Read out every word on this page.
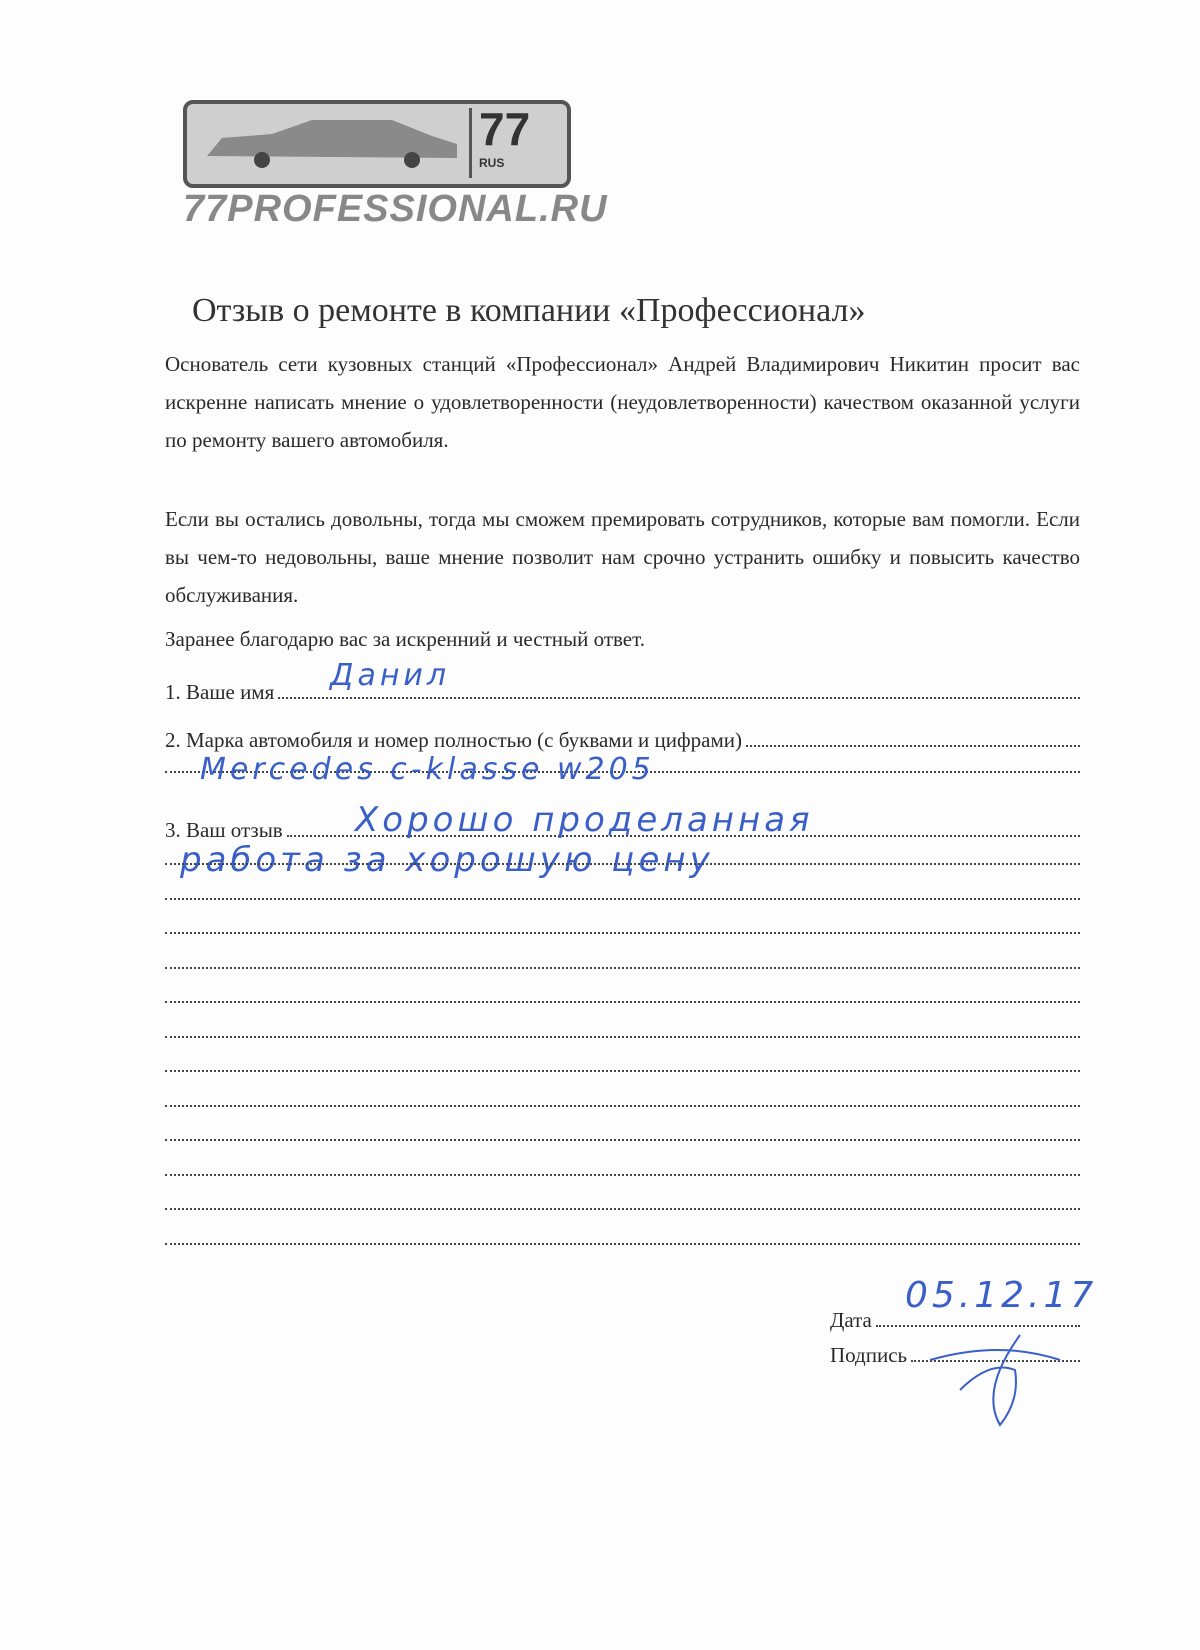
77
RUS
77PROFESSIONAL.RU
Отзыв о ремонте в компании «Профессионал»
Основатель сети кузовных станций «Профессионал» Андрей Владимирович Никитин просит вас искренне написать мнение о удовлетворенности (неудовлетворенности) качеством оказанной услуги по ремонту вашего автомобиля.
Если вы остались довольны, тогда мы сможем премировать сотрудников, которые вам помогли. Если вы чем-то недовольны, ваше мнение позволит нам срочно устранить ошибку и повысить качество обслуживания.
Заранее благодарю вас за искренний и честный ответ.
1. Ваше имя Данил
2. Марка автомобиля и номер полностью (с буквами и цифрами)
Mercedes c-klasse w205
3. Ваш отзыв Хорошо проделанная
работа за хорошую цену
Дата
05.12.17
Подпись
